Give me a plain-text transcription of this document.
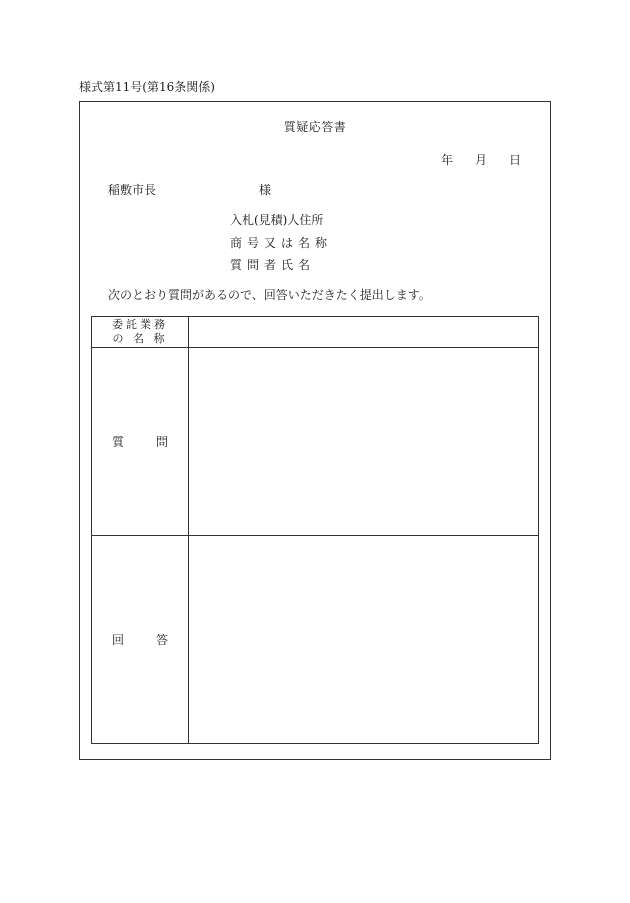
様式第11号(第16条関係)
質疑応答書
年 月 日
稲敷市長	様
入札(見積)人住所
商号又は名称
質問者氏名
次のとおり質問があるので、回答いただきたく提出します。
委託業務
の 名 称	

質 問	

回 答	
